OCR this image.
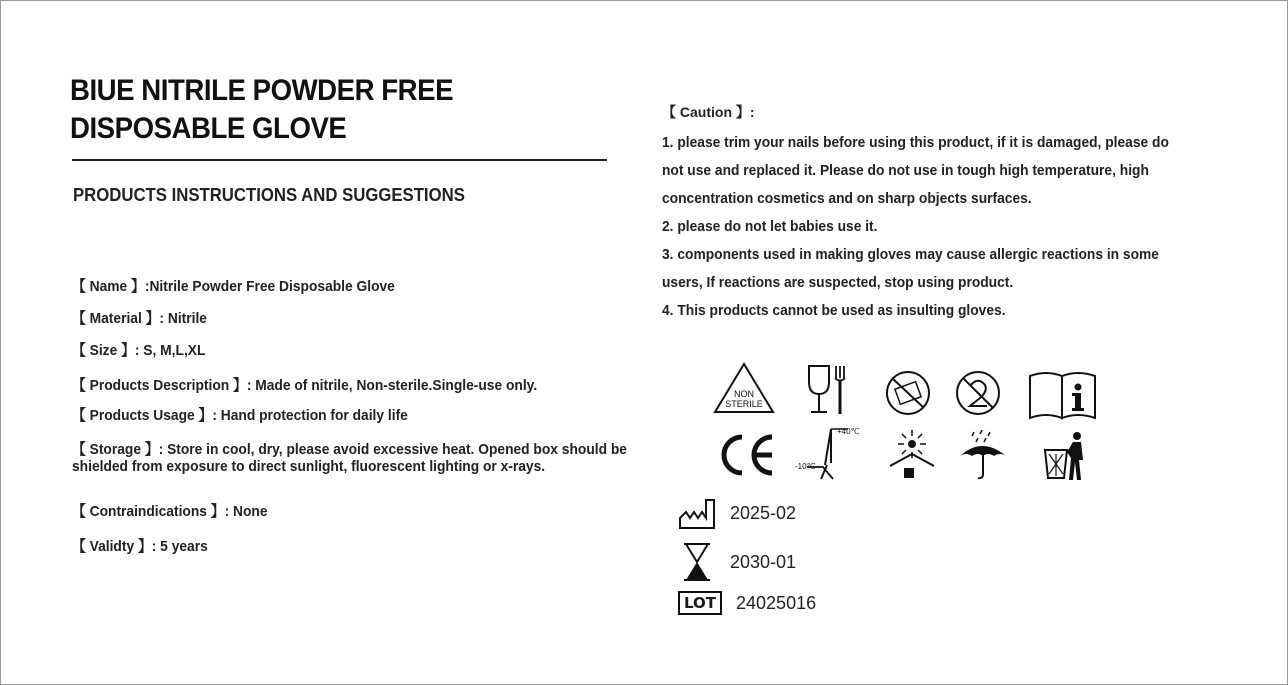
BIUE NITRILE POWDER FREE
DISPOSABLE GLOVE
PRODUCTS INSTRUCTIONS AND SUGGESTIONS
【 Name 】:Nitrile Powder Free Disposable Glove
【 Material 】: Nitrile
【 Size 】: S, M,L,XL
【 Products Description 】: Made of nitrile, Non-sterile.Single-use only.
【 Products Usage 】: Hand protection for daily life
【 Storage 】: Store in cool, dry, please avoid excessive heat. Opened box should be
shielded from exposure to direct sunlight, fluorescent lighting or x-rays.
【 Contraindications 】: None
【 Validty 】: 5 years
【 Caution 】:

1. please trim your nails before using this product, if it is damaged, please do

not use and replaced it. Please do not use in tough high temperature, high

concentration cosmetics and on sharp objects surfaces.

2. please do not let babies use it.

3. components used in making gloves may cause allergic reactions in some

users, If reactions are suspected, stop using product.

4. This products cannot be used as insulting gloves.

NON
STERILE
+40℃
-10℃
2025-02
2030-01
LOT	24025016
